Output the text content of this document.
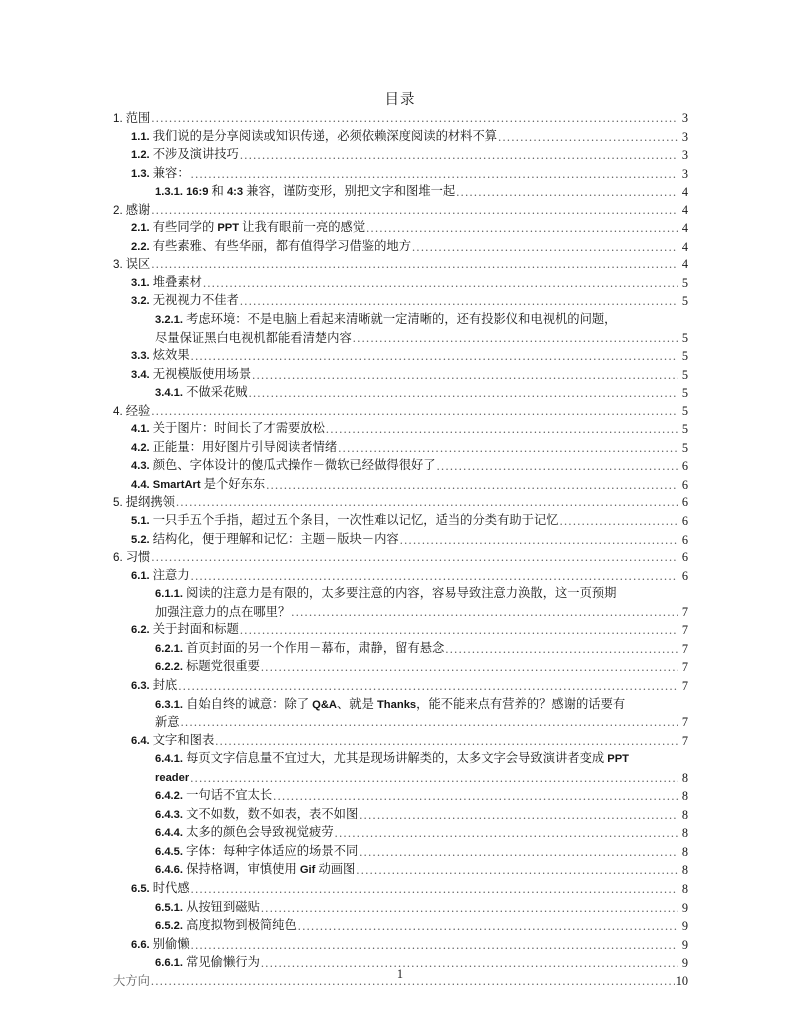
目录
1. 范围 .....	3
1.1. 我们说的是分享阅读或知识传递，必须依赖深度阅读的材料不算 .....	3
1.2. 不涉及演讲技巧 .....	3
1.3. 兼容： .....	3
1.3.1. 16:9 和 4:3 兼容，谨防变形，别把文字和图堆一起 .....	4
2. 感谢 .....	4
2.1. 有些同学的 PPT 让我有眼前一亮的感觉 .....	4
2.2. 有些素雅、有些华丽，都有值得学习借鉴的地方 .....	4
3. 误区 .....	4
3.1. 堆叠素材 .....	5
3.2. 无视视力不佳者 .....	5
3.2.1. 考虑环境：不是电脑上看起来清晰就一定清晰的，还有投影仪和电视机的问题，
尽量保证黑白电视机都能看清楚内容 .....	5
3.3. 炫效果 .....	5
3.4. 无视模版使用场景 .....	5
3.4.1. 不做采花贼 .....	5
4. 经验 .....	5
4.1. 关于图片：时间长了才需要放松 .....	5
4.2. 正能量：用好图片引导阅读者情绪 .....	5
4.3. 颜色、字体设计的傻瓜式操作－微软已经做得很好了 .....	6
4.4. SmartArt 是个好东东 .....	6
5. 提纲携领 .....	6
5.1. 一只手五个手指，超过五个条目，一次性难以记忆，适当的分类有助于记忆 .....	6
5.2. 结构化，便于理解和记忆：主题－版块－内容 .....	6
6. 习惯 .....	6
6.1. 注意力 .....	6
6.1.1. 阅读的注意力是有限的，太多要注意的内容，容易导致注意力涣散，这一页预期
加强注意力的点在哪里？ .....	7
6.2. 关于封面和标题 .....	7
6.2.1. 首页封面的另一个作用－幕布，肃静，留有悬念 .....	7
6.2.2. 标题党很重要 .....	7
6.3. 封底 .....	7
6.3.1. 自始自终的诚意：除了 Q&A、就是 Thanks，能不能来点有营养的？感谢的话要有
新意 .....	7
6.4. 文字和图表 .....	7
6.4.1. 每页文字信息量不宜过大，尤其是现场讲解类的，太多文字会导致演讲者变成 PPT
reader .....	8
6.4.2. 一句话不宜太长 .....	8
6.4.3. 文不如数，数不如表，表不如图 .....	8
6.4.4. 太多的颜色会导致视觉疲劳 .....	8
6.4.5. 字体：每种字体适应的场景不同 .....	8
6.4.6. 保持格调，审慎使用 Gif 动画图 .....	8
6.5. 时代感 .....	8
6.5.1. 从按钮到磁贴 .....	9
6.5.2. 高度拟物到极简纯色 .....	9
6.6. 别偷懒 .....	9
6.6.1. 常见偷懒行为 .....	9
大方向 .....	10
1
